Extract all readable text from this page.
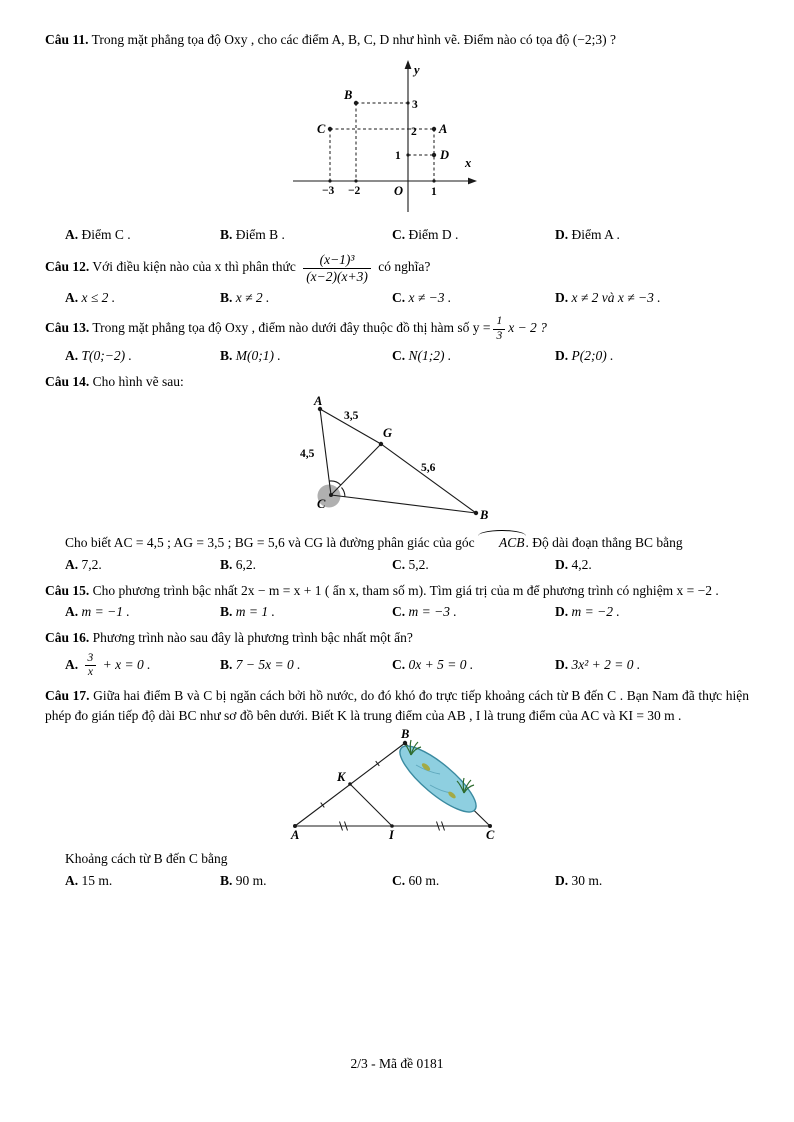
Câu 11. Trong mặt phẳng tọa độ Oxy , cho các điểm A, B, C, D như hình vẽ. Điểm nào có tọa độ (−2;3) ?

y
x
O
A
B
C
D
3
2
1
−3 −2	1
A. Điểm C .	B. Điểm B .	C. Điểm D .	D. Điểm A .

Câu 12. Với điều kiện nào của x thì phân thức $\frac{\text{(x−1)³}}{(x-2)(x+3)}$ có nghĩa?

A. x ≤ 2 .	B. x ≠ 2 .	C. x ≠ −3 .	D. x ≠ 2 và x ≠ −3 .

Câu 13. Trong mặt phẳng tọa độ Oxy , điểm nào dưới đây thuộc đồ thị hàm số $y = \frac{1}{3}$ x − 2 ?

A. T(0;−2) .	B. M(0;1) .	C. N(1;2) .	D. P(2;0) .

Câu 14. Cho hình vẽ sau:

A
3,5
G
4,5
5,6
C
B

Cho biết AC = 4,5 ; AG = 3,5 ; BG = 5,6 và CG là đường phân giác của góc ACB. Độ dài đoạn thẳng BC bằng

A. 7,2.	B. 6,2.	C. 5,2.	D. 4,2.

Câu 15. Cho phương trình bậc nhất 2x − m = x + 1 ( ẩn x, tham số m). Tìm giá trị của m để phương trình có nghiệm x = −2 .

A. m = −1 .	B. m = 1 .	C. m = −3 .	D. m = −2 .

Câu 16. Phương trình nào sau đây là phương trình bậc nhất một ẩn?

A. $\frac{3}{x} + x = 0$ .	B. 7 − 5x = 0 .	C. 0x + 5 = 0 .	D. 3x² + 2 = 0 .

Câu 17. Giữa hai điểm B và C bị ngăn cách bởi hồ nước, do đó khó đo trực tiếp khoảng cách từ B đến C . Bạn Nam đã thực hiện phép đo gián tiếp độ dài BC như sơ đồ bên dưới. Biết K là trung điểm của AB , I là trung điểm của AC và KI = 30 m .

B
K
A	I	C

Khoảng cách từ B đến C bằng

A. 15 m.	B. 90 m.	C. 60 m.	D. 30 m.
2/3 - Mã đề 0181
